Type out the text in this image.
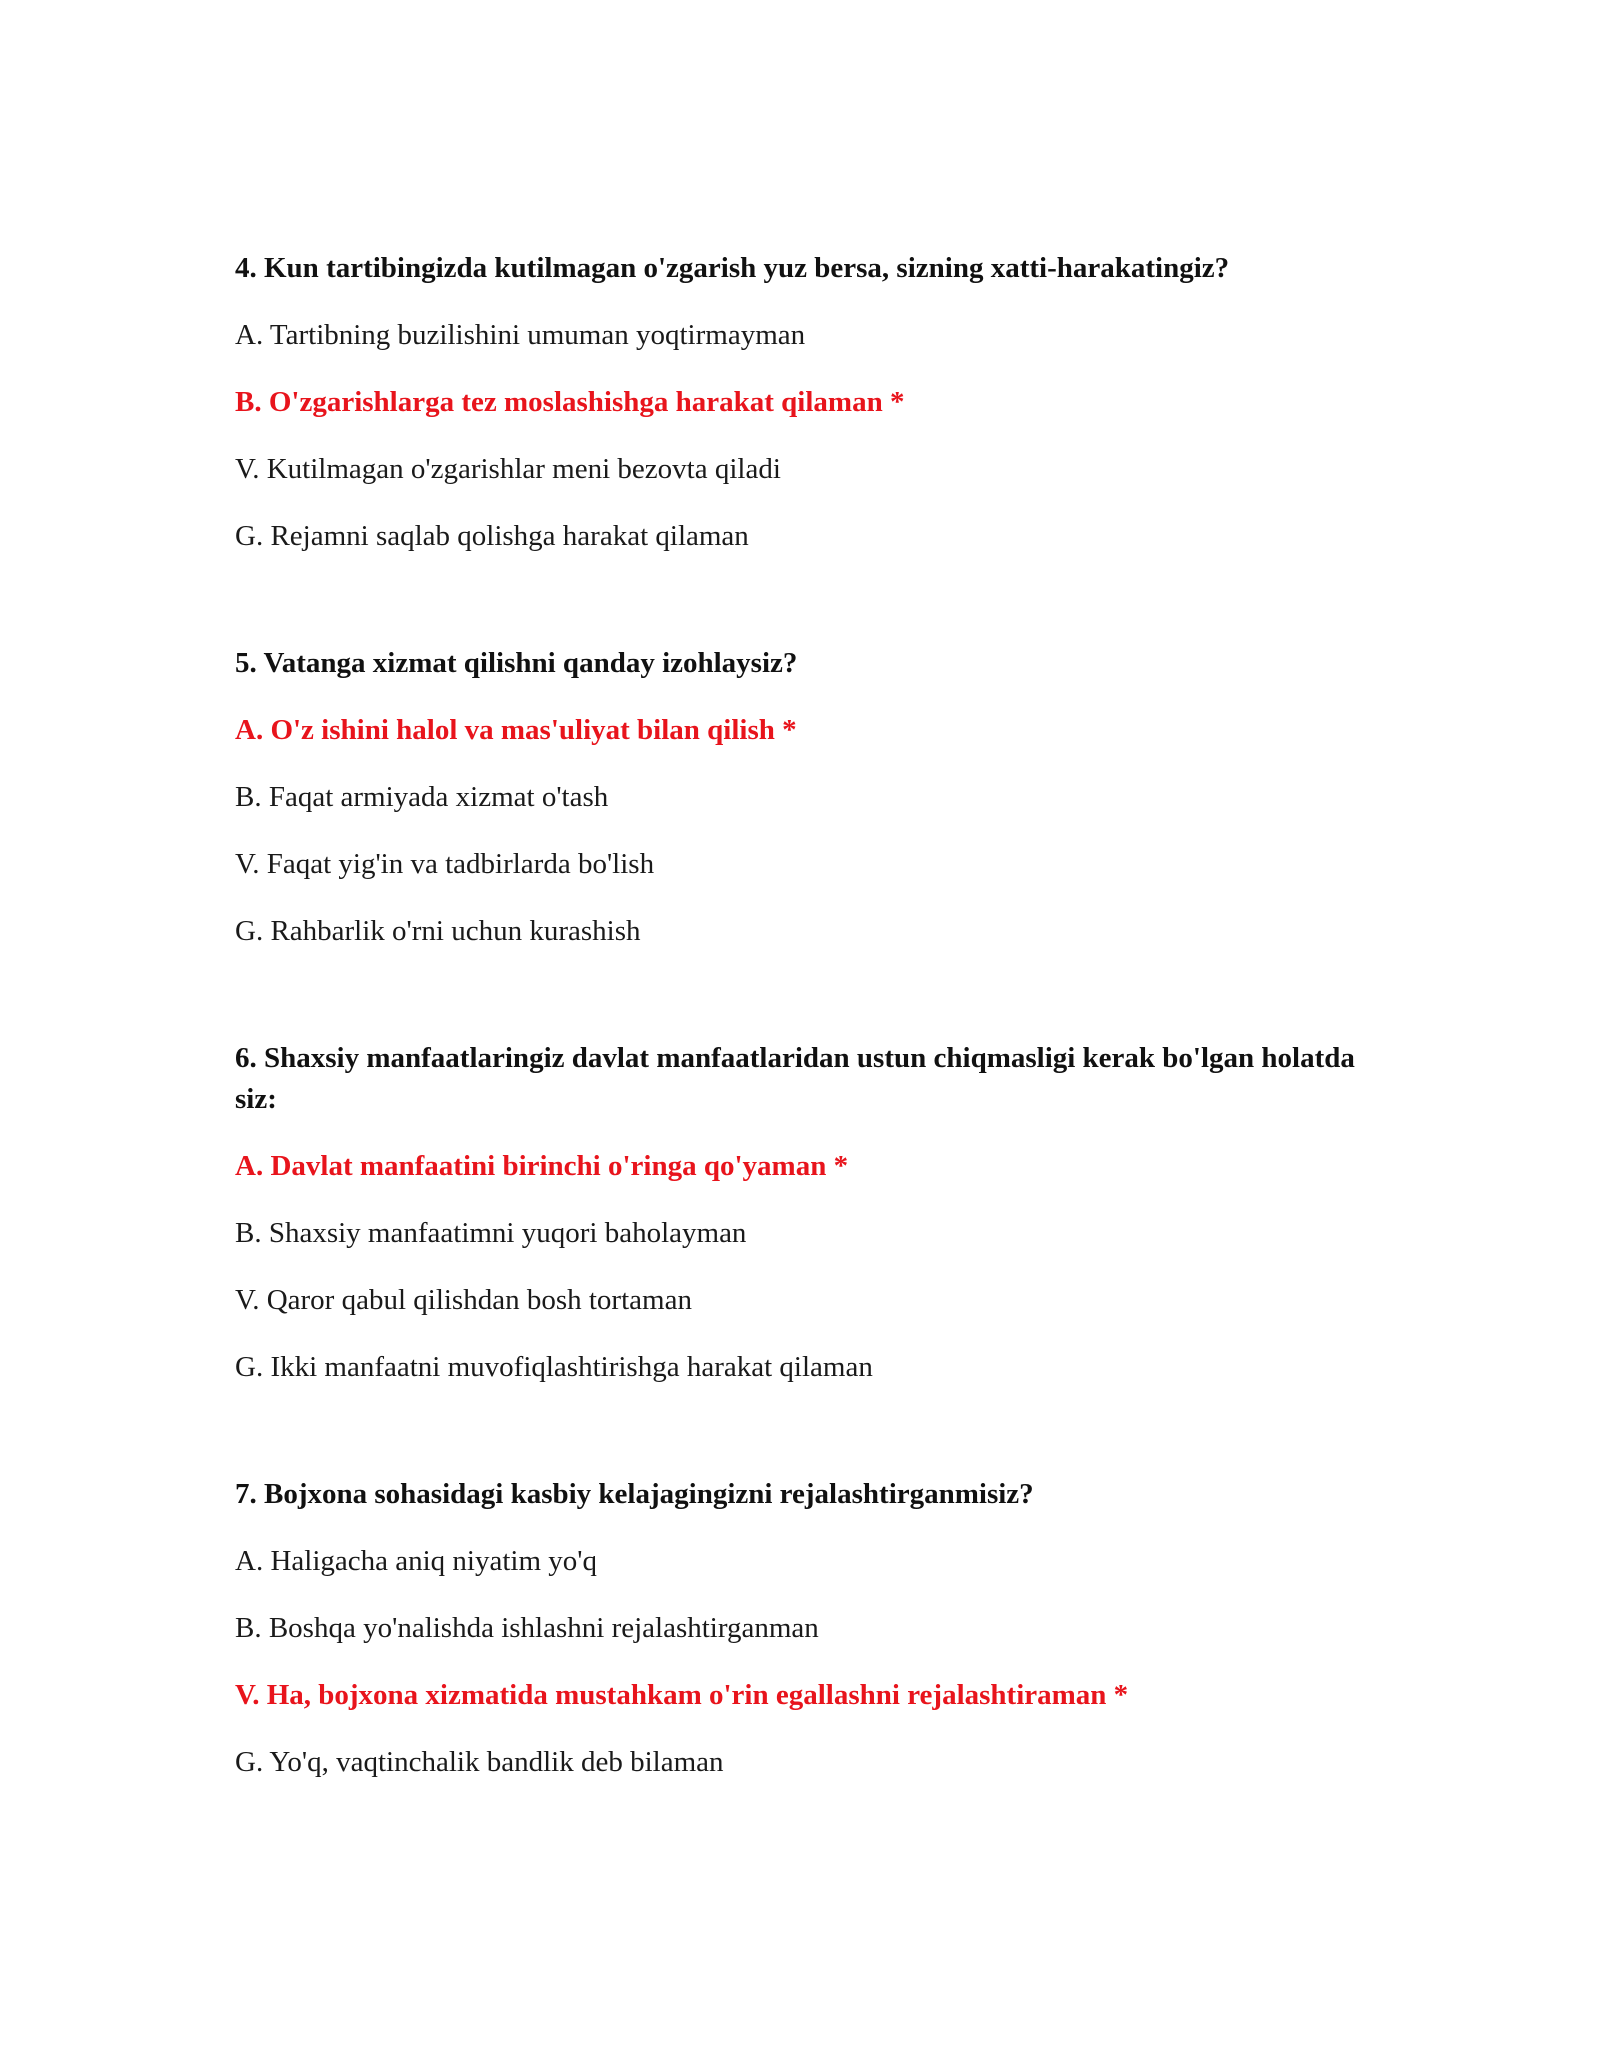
4. Kun tartibingizda kutilmagan o'zgarish yuz bersa, sizning xatti-harakatingiz?
A. Tartibning buzilishini umuman yoqtirmayman
B. O'zgarishlarga tez moslashishga harakat qilaman *
V. Kutilmagan o'zgarishlar meni bezovta qiladi
G. Rejamni saqlab qolishga harakat qilaman
5. Vatanga xizmat qilishni qanday izohlaysiz?
A. O'z ishini halol va mas'uliyat bilan qilish *
B. Faqat armiyada xizmat o'tash
V. Faqat yig'in va tadbirlarda bo'lish
G. Rahbarlik o'rni uchun kurashish
6. Shaxsiy manfaatlaringiz davlat manfaatlaridan ustun chiqmasligi kerak bo'lgan holatda siz:
A. Davlat manfaatini birinchi o'ringa qo'yaman *
B. Shaxsiy manfaatimni yuqori baholayman
V. Qaror qabul qilishdan bosh tortaman
G. Ikki manfaatni muvofiqlashtirishga harakat qilaman
7. Bojxona sohasidagi kasbiy kelajagingizni rejalashtirganmisiz?
A. Haligacha aniq niyatim yo'q
B. Boshqa yo'nalishda ishlashni rejalashtirganman
V. Ha, bojxona xizmatida mustahkam o'rin egallashni rejalashtiraman *
G. Yo'q, vaqtinchalik bandlik deb bilaman
